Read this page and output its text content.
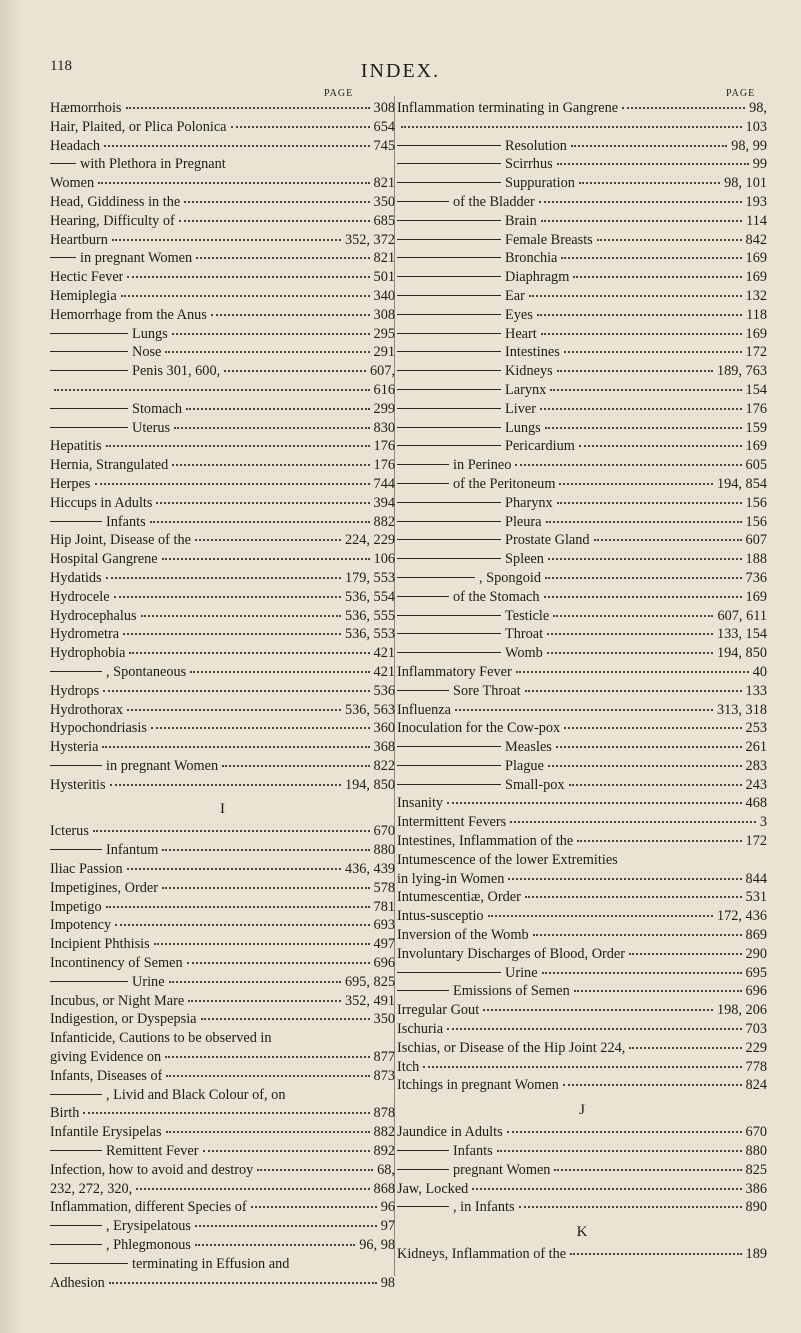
118	INDEX.
PAGE	PAGE
Hæmorrhois	308
Hair, Plaited, or Plica Polonica	654
Headach	745
with Plethora in Pregnant
Women	821
Head, Giddiness in the	350
Hearing, Difficulty of	685
Heartburn	352, 372
in pregnant Women	821
Hectic Fever	501
Hemiplegia	340
Hemorrhage from the Anus	308
Lungs	295
Nose	291
Penis 301, 600,	607,
616
Stomach	299
Uterus	830
Hepatitis	176
Hernia, Strangulated	176
Herpes	744
Hiccups in Adults	394
Infants	882
Hip Joint, Disease of the	224, 229
Hospital Gangrene	106
Hydatids	179, 553
Hydrocele	536, 554
Hydrocephalus	536, 555
Hydrometra	536, 553
Hydrophobia	421
, Spontaneous	421
Hydrops	536
Hydrothorax	536, 563
Hypochondriasis	360
Hysteria	368
in pregnant Women	822
Hysteritis	194, 850
I
Icterus	670
Infantum	880
Iliac Passion	436, 439
Impetigines, Order	578
Impetigo	781
Impotency	693
Incipient Phthisis	497
Incontinency of Semen	696
Urine	695, 825
Incubus, or Night Mare	352, 491
Indigestion, or Dyspepsia	350
Infanticide, Cautions to be observed in
giving Evidence on	877
Infants, Diseases of	873
, Livid and Black Colour of, on
Birth	878
Infantile Erysipelas	882
Remittent Fever	892
Infection, how to avoid and destroy	68,
232, 272, 320,	868
Inflammation, different Species of	96
, Erysipelatous	97
, Phlegmonous	96, 98
terminating in Effusion and
Adhesion	98
Inflammation terminating in Gangrene	98,
103
Resolution	98, 99
Scirrhus	99
Suppuration	98, 101
of the Bladder	193
Brain	114
Female Breasts	842
Bronchia	169
Diaphragm	169
Ear	132
Eyes	118
Heart	169
Intestines	172
Kidneys	189, 763
Larynx	154
Liver	176
Lungs	159
Pericardium	169
in Perineo	605
of the Peritoneum	194, 854
Pharynx	156
Pleura	156
Prostate Gland	607
Spleen	188
, Spongoid	736
of the Stomach	169
Testicle	607, 611
Throat	133, 154
Womb	194, 850
Inflammatory Fever	40
Sore Throat	133
Influenza	313, 318
Inoculation for the Cow-pox	253
Measles	261
Plague	283
Small-pox	243
Insanity	468
Intermittent Fevers	3
Intestines, Inflammation of the	172
Intumescence of the lower Extremities
in lying-in Women	844
Intumescentiæ, Order	531
Intus-susceptio	172, 436
Inversion of the Womb	869
Involuntary Discharges of Blood, Order	290
Urine	695
Emissions of Semen	696
Irregular Gout	198, 206
Ischuria	703
Ischias, or Disease of the Hip Joint 224,	229
Itch	778
Itchings in pregnant Women	824
J
Jaundice in Adults	670
Infants	880
pregnant Women	825
Jaw, Locked	386
, in Infants	890
K
Kidneys, Inflammation of the	189
